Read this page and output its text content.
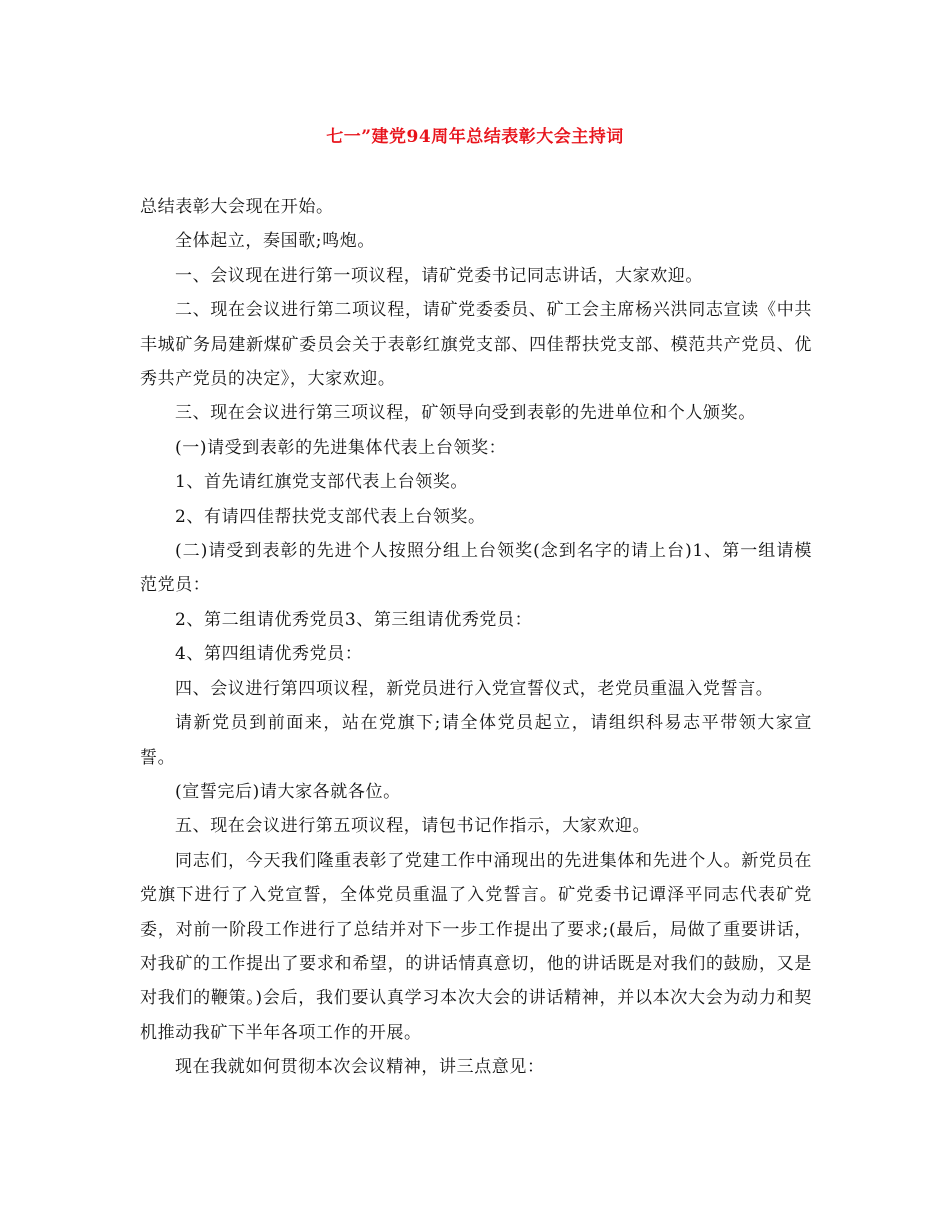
七一”建党94周年总结表彰大会主持词

总结表彰大会现在开始。

全体起立，奏国歌;鸣炮。

一、会议现在进行第一项议程，请矿党委书记同志讲话，大家欢迎。

二、现在会议进行第二项议程，请矿党委委员、矿工会主席杨兴洪同志宣读《中共丰城矿务局建新煤矿委员会关于表彰红旗党支部、四佳帮扶党支部、模范共产党员、优秀共产党员的决定》，大家欢迎。

三、现在会议进行第三项议程，矿领导向受到表彰的先进单位和个人颁奖。

(一)请受到表彰的先进集体代表上台领奖：

1、首先请红旗党支部代表上台领奖。

2、有请四佳帮扶党支部代表上台领奖。

(二)请受到表彰的先进个人按照分组上台领奖(念到名字的请上台)1、第一组请模范党员：

2、第二组请优秀党员3、第三组请优秀党员：

4、第四组请优秀党员：

四、会议进行第四项议程，新党员进行入党宣誓仪式，老党员重温入党誓言。

请新党员到前面来，站在党旗下;请全体党员起立，请组织科易志平带领大家宣誓。

(宣誓完后)请大家各就各位。

五、现在会议进行第五项议程，请包书记作指示，大家欢迎。

同志们，今天我们隆重表彰了党建工作中涌现出的先进集体和先进个人。新党员在党旗下进行了入党宣誓，全体党员重温了入党誓言。矿党委书记谭泽平同志代表矿党委，对前一阶段工作进行了总结并对下一步工作提出了要求;(最后，局做了重要讲话，对我矿的工作提出了要求和希望，的讲话情真意切，他的讲话既是对我们的鼓励，又是对我们的鞭策。)会后，我们要认真学习本次大会的讲话精神，并以本次大会为动力和契机推动我矿下半年各项工作的开展。

现在我就如何贯彻本次会议精神，讲三点意见：
